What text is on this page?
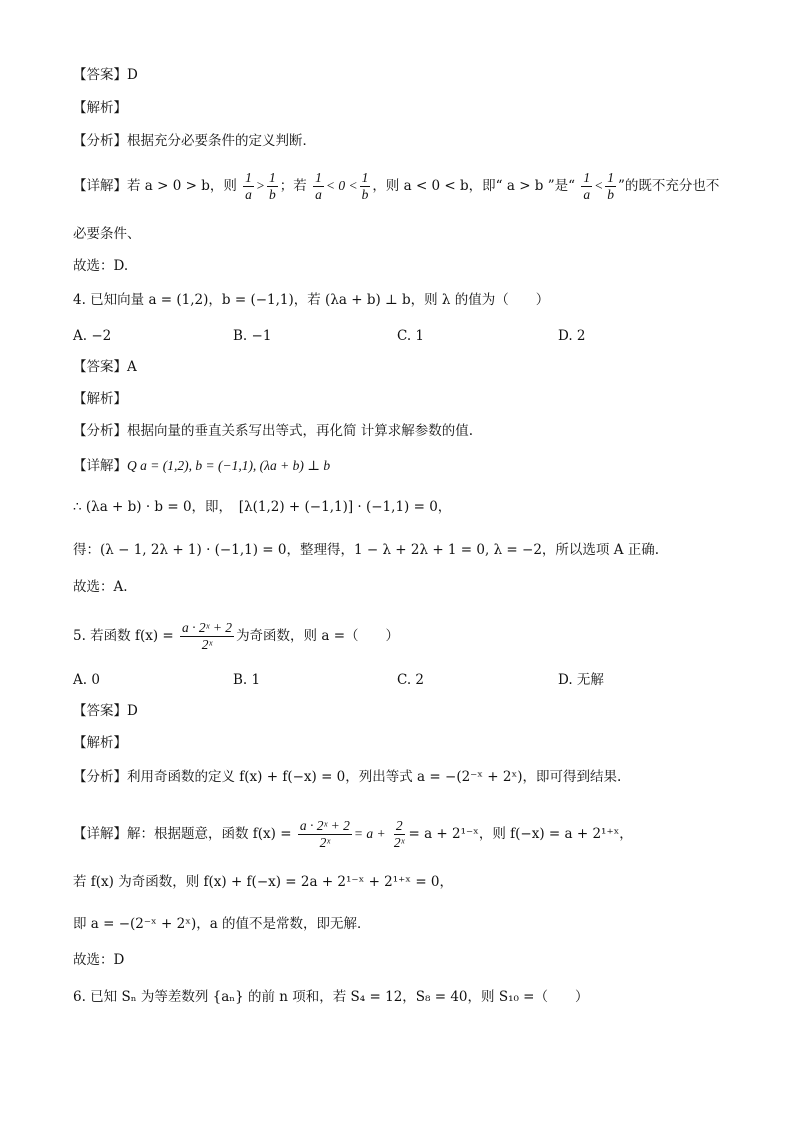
【答案】D
【解析】
【分析】根据充分必要条件的定义判断．
【详解】若 a > 0 > b，则 $\frac{1}{a} > \frac{1}{b}$ ；若 $\frac{1}{a} < 0 < \frac{1}{b}$ ，则 a < 0 < b，即“ a > b ”是“ $\frac{1}{a} < \frac{1}{b}$ ”的既不充分也不
必要条件、
故选：D.
4. 已知向量 a = (1,2)，b = (−1,1)，若 (λa + b) ⊥ b，则 λ 的值为（　　）
A. −2	B. −1	C. 1	D. 2
【答案】A
【解析】
【分析】根据向量的垂直关系写出等式，再化简 计算求解参数的值.
【详解】Q a = (1,2), b = (−1,1), (λa + b) ⊥ b
∴ (λa + b) · b = 0，即，　[λ(1,2) + (−1,1)] · (−1,1) = 0，
得：(λ − 1, 2λ + 1) · (−1,1) = 0，整理得，1 − λ + 2λ + 1 = 0, λ = −2，所以选项 A 正确.
故选：A.
5. 若函数 $f(x) = \frac{\text{a · 2ˣ + 2}}{\text{2ˣ}}$ 为奇函数，则 a =（　　）
A. 0	B. 1	C. 2	D. 无解
【答案】D
【解析】
【分析】利用奇函数的定义 f(x) + f(−x) = 0，列出等式 a = −(2⁻ˣ + 2ˣ)，即可得到结果.
【详解】解：根据题意，函数 $f(x) = \frac{\text{a · 2ˣ + 2}}{\text{2ˣ}} = a + \frac{2}{\text{2ˣ}} = a$ + 2¹⁻ˣ，则 f(−x) = a + 2¹⁺ˣ，
若 f(x) 为奇函数，则 f(x) + f(−x) = 2a + 2¹⁻ˣ + 2¹⁺ˣ = 0，
即 a = −(2⁻ˣ + 2ˣ)，a 的值不是常数，即无解．
故选：D
6. 已知 Sₙ 为等差数列 {aₙ} 的前 n 项和，若 S₄ = 12，S₈ = 40，则 S₁₀ =（　　）
